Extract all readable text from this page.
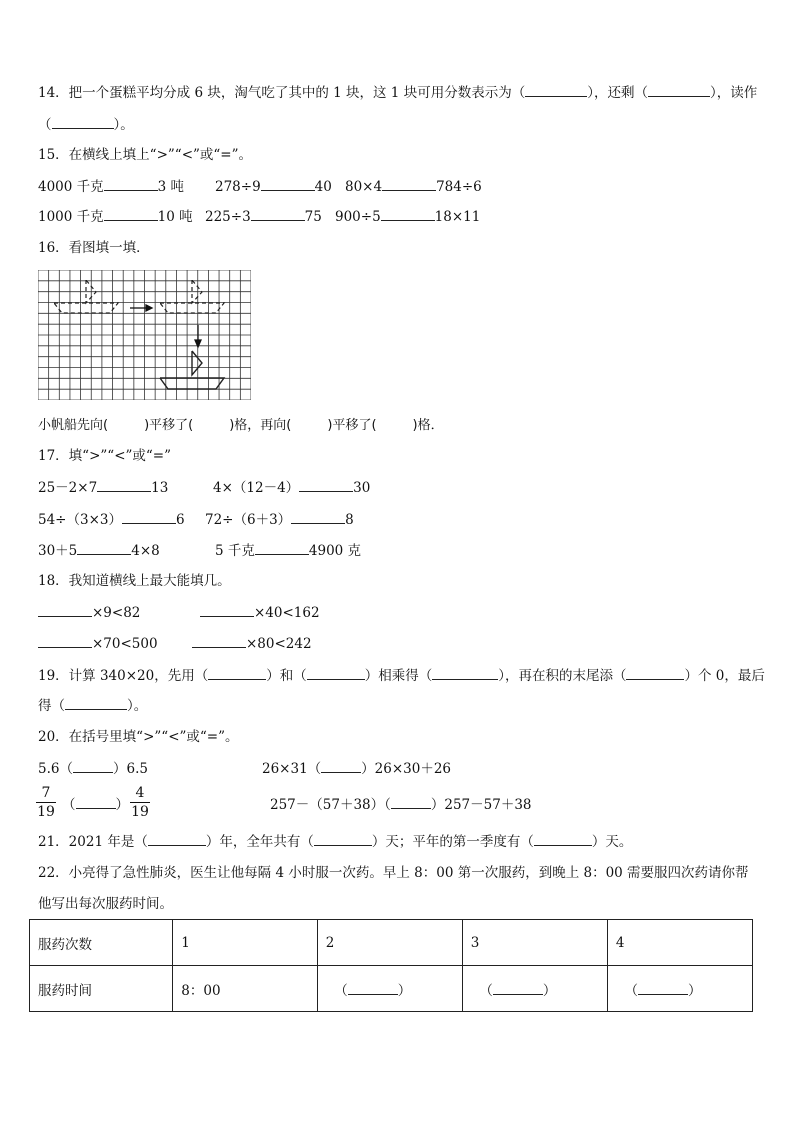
14．把一个蛋糕平均分成 6 块，淘气吃了其中的 1 块，这 1 块可用分数表示为（	），还剩（	），读作
（	）。
15．在横线上填上“>”“<”或“=”。
4000 千克	3 吨 278÷9	40 80×4	784÷6
1000 千克	10 吨 225÷3	75 900÷5	18×11
16．看图填一填．
小帆船先向(	)平移了(	)格，再向(	)平移了(	)格．
17．填“>”“<”或“=”
25－2×7	13	4×（12－4）	30
54÷（3×3）	6 72÷（6＋3）	8
30＋5	4×8	5 千克	4900 克
18．我知道横线上最大能填几。
×9<82	×40<162
×70<500	×80<242
19．计算 340×20，先用（	）和（	）相乘得（	），再在积的末尾添（	）个 0，最后
得（	）。
20．在括号里填“>”“<”或“=”。
5.6（	）6.5	26×31（	）26×30＋26
$\frac{7}{19}$ （	） $\frac{4}{19}$	257－（57＋38）（	）257－57＋38
21．2021 年是（	）年，全年共有（	）天；平年的第一季度有（	）天。
22．小亮得了急性肺炎，医生让他每隔 4 小时服一次药。早上 8：00 第一次服药，到晚上 8：00 需要服四次药请你帮
他写出每次服药时间。
服药次数	1	2	3	4
服药时间	8：00	（ ）	（ ）	（ ）
